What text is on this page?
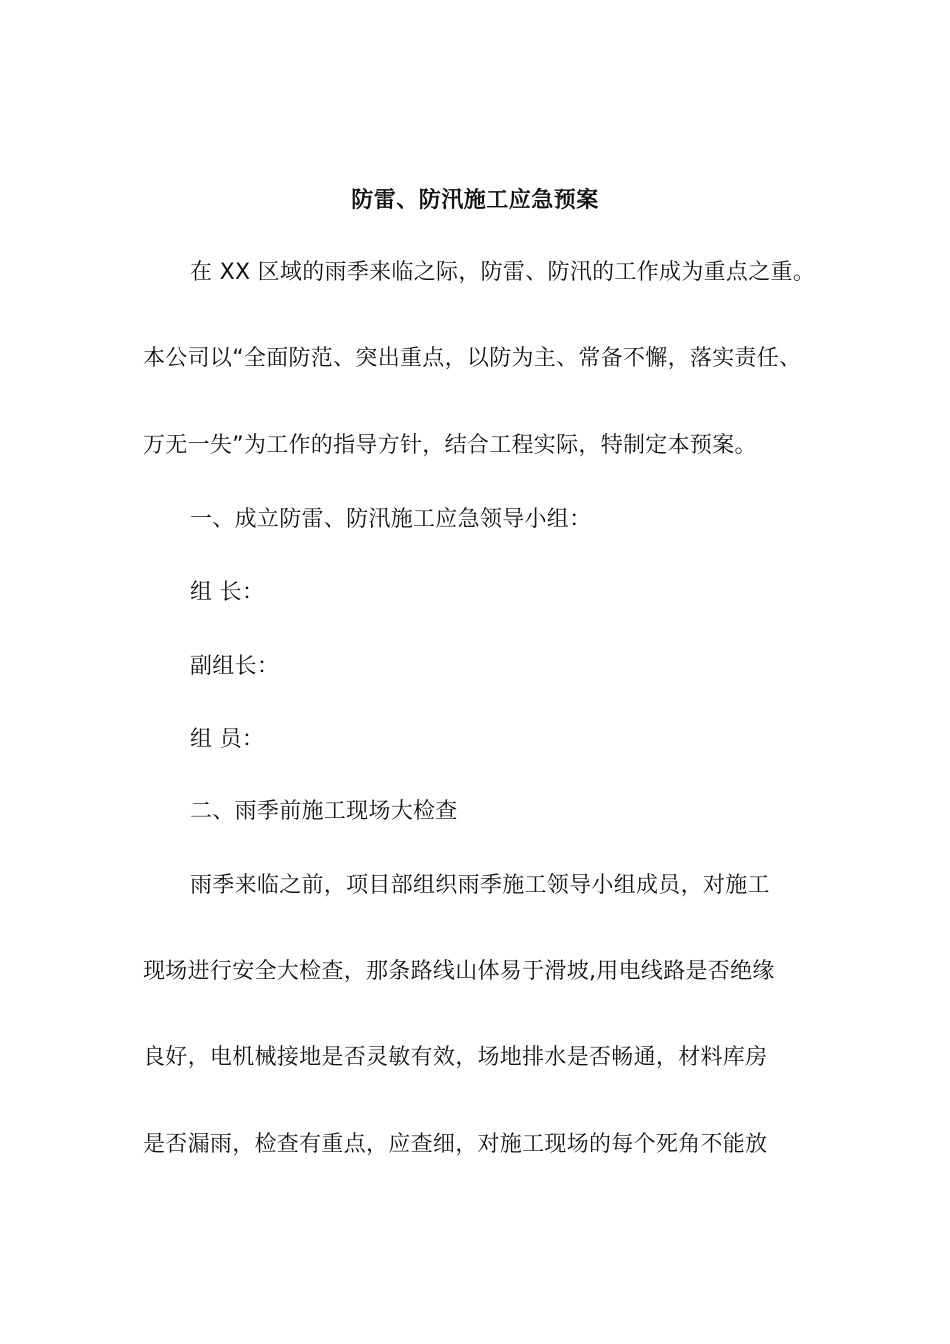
防雷、防汛施工应急预案
在 XX 区域的雨季来临之际，防雷、防汛的工作成为重点之重。
本公司以“全面防范、突出重点，以防为主、常备不懈，落实责任、
万无一失”为工作的指导方针，结合工程实际，特制定本预案。
一、成立防雷、防汛施工应急领导小组：
组 长：
副组长：
组 员：
二、雨季前施工现场大检查
雨季来临之前，项目部组织雨季施工领导小组成员，对施工
现场进行安全大检查，那条路线山体易于滑坡,用电线路是否绝缘
良好，电机械接地是否灵敏有效，场地排水是否畅通，材料库房
是否漏雨，检查有重点，应查细，对施工现场的每个死角不能放
